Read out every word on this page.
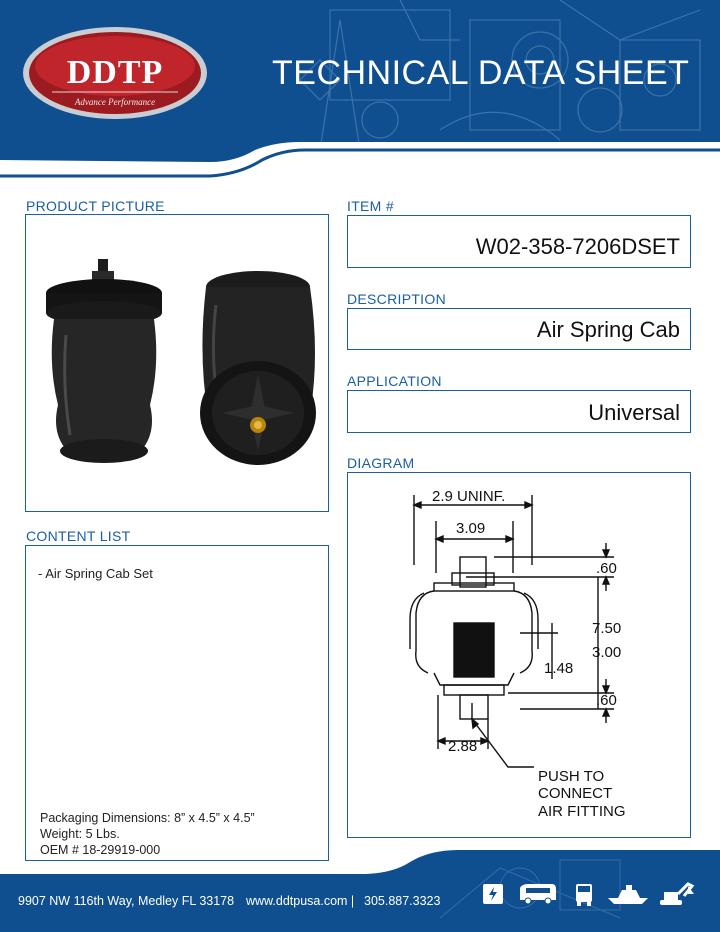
DDTP
Advance Performance
TECHNICAL DATA SHEET
PRODUCT PICTURE	ITEM #
W02-358-7206DSET
DESCRIPTION
Air Spring Cab
APPLICATION
Universal
DIAGRAM
2.9 UNINF.
3.09
.60
7.50
3.00
1.48
.60
2.88
PUSH TO
CONNECT
AIR FITTING
CONTENT LIST
- Air Spring Cab Set
Packaging Dimensions: 8” x 4.5” x 4.5”
Weight: 5 Lbs.
OEM # 18-29919-000
9907 NW 116th Way, Medley FL 33178 www.ddtpusa.com | 305.887.3323
